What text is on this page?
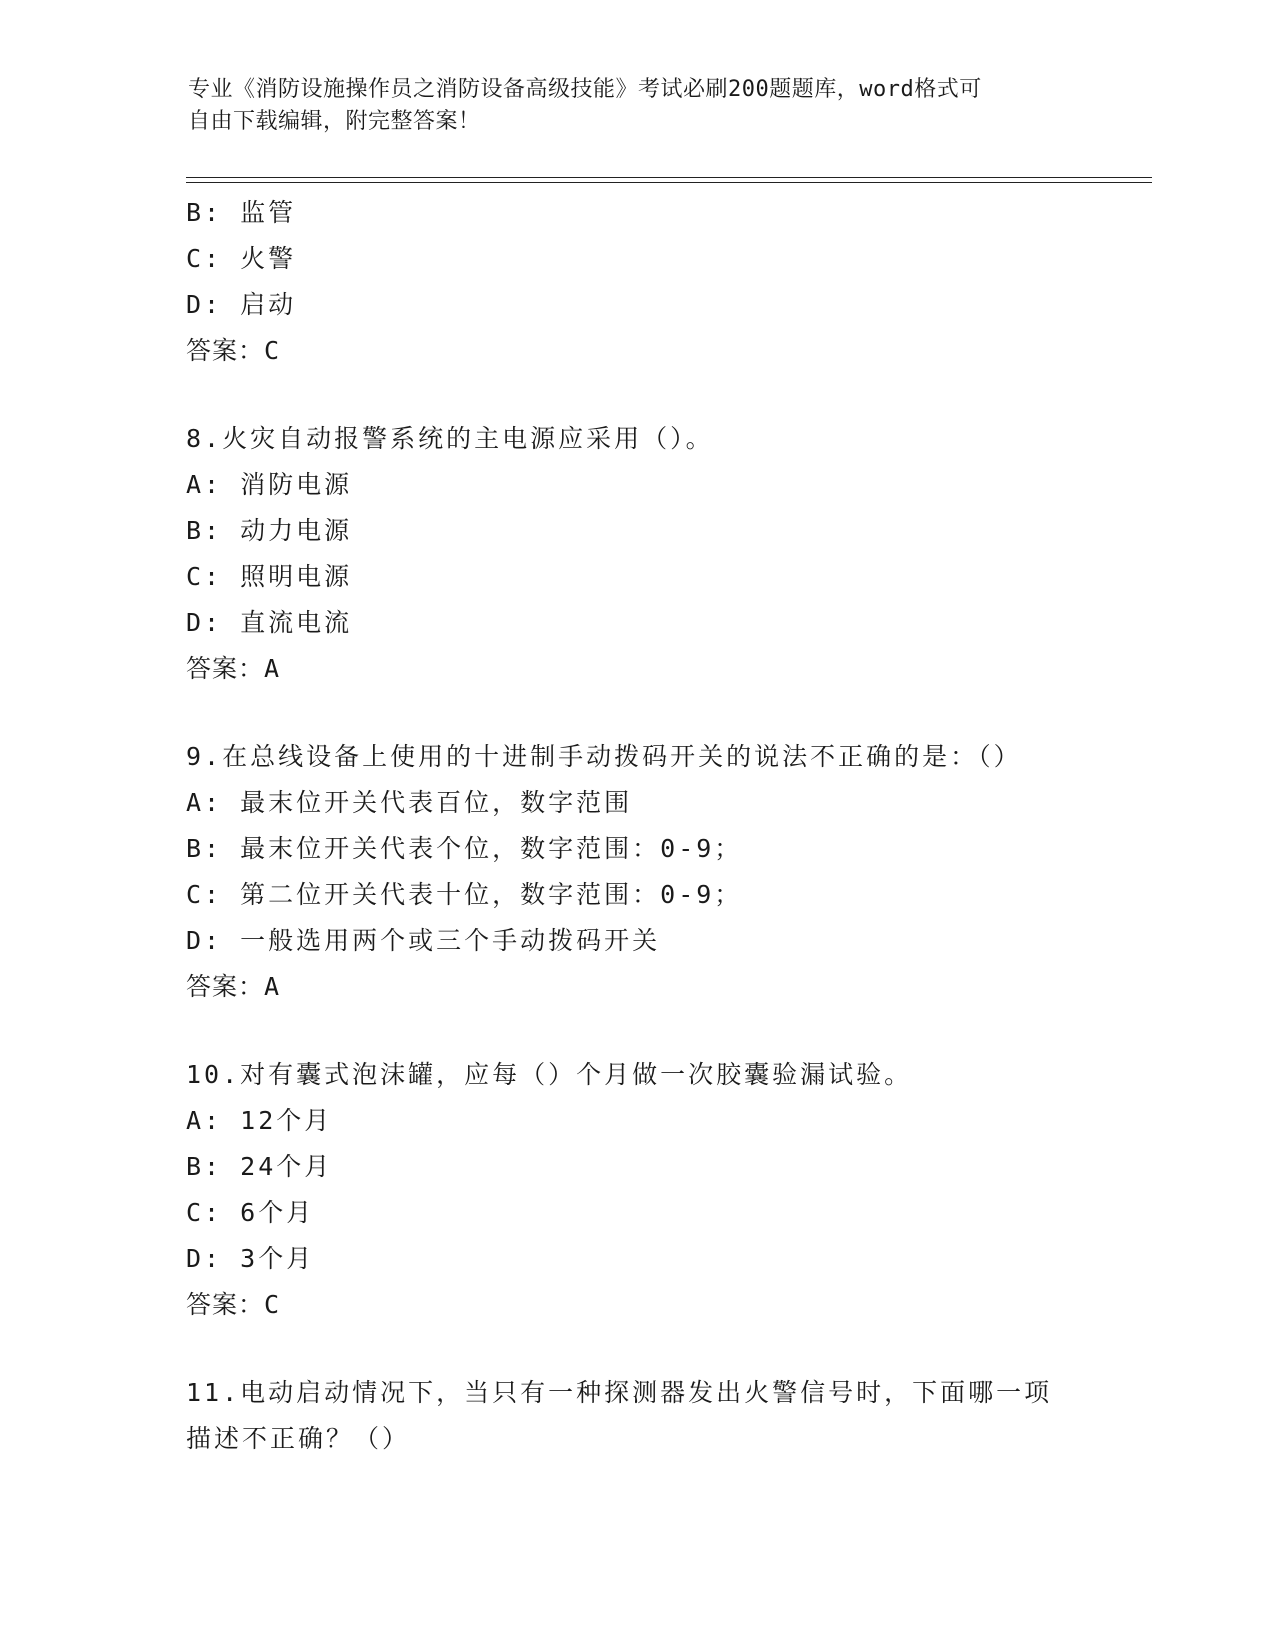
专业《消防设施操作员之消防设备高级技能》考试必刷200题题库，word格式可
自由下载编辑，附完整答案！
B: 监管
C: 火警
D: 启动
答案：C
8.火灾自动报警系统的主电源应采用（）。
A: 消防电源
B: 动力电源
C: 照明电源
D: 直流电流
答案：A
9.在总线设备上使用的十进制手动拨码开关的说法不正确的是：（）
A: 最末位开关代表百位，数字范围
B: 最末位开关代表个位，数字范围：0-9；
C: 第二位开关代表十位，数字范围：0-9；
D: 一般选用两个或三个手动拨码开关
答案：A
10.对有囊式泡沫罐，应每（）个月做一次胶囊验漏试验。
A: 12个月
B: 24个月
C: 6个月
D: 3个月
答案：C
11.电动启动情况下，当只有一种探测器发出火警信号时，下面哪一项
描述不正确？（）
